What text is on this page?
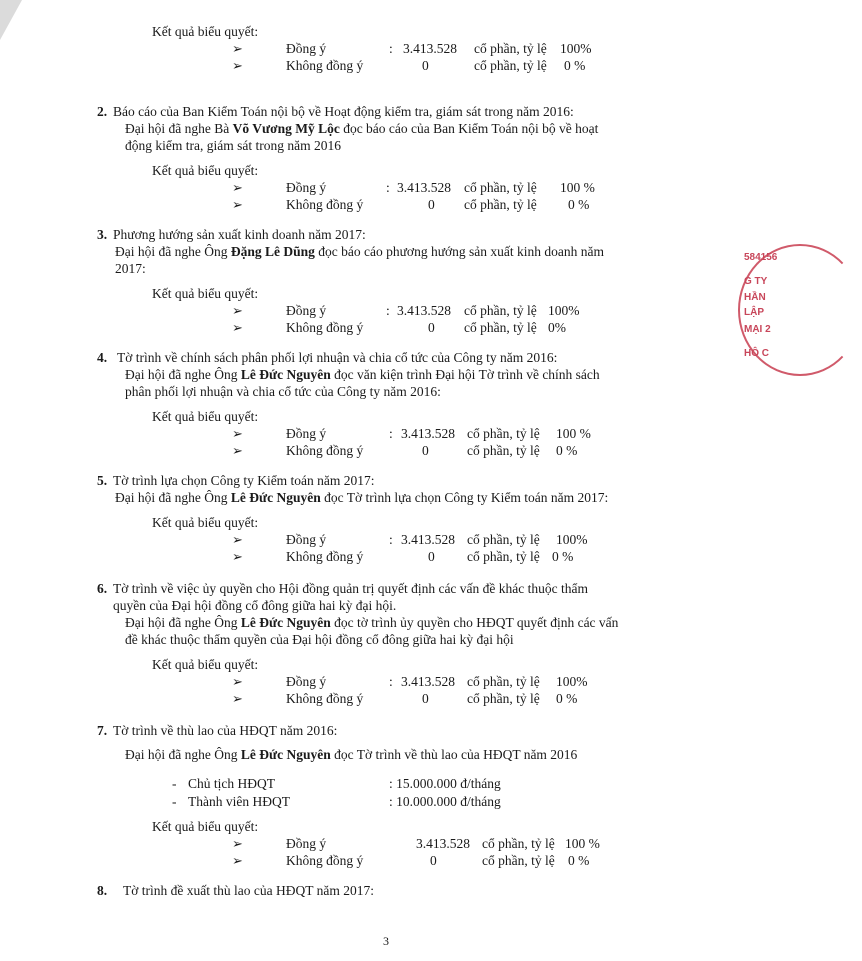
Kết quả biểu quyết:
➢	Đồng ý	: 3.413.528 cổ phần, tỷ lệ 100%
➢	Không đồng ý	0	cổ phần, tỷ lệ 0 %
2. Báo cáo của Ban Kiểm Toán nội bộ về Hoạt động kiểm tra, giám sát trong năm 2016:
Đại hội đã nghe Bà Võ Vương Mỹ Lộc đọc báo cáo của Ban Kiểm Toán nội bộ về hoạt
động kiểm tra, giám sát trong năm 2016
Kết quả biểu quyết:
➢	Đồng ý	: 3.413.528 cổ phần, tỷ lệ 100 %
➢	Không đồng ý	0 cổ phần, tỷ lệ 0 %
3. Phương hướng sản xuất kinh doanh năm 2017:
Đại hội đã nghe Ông Đặng Lê Dũng đọc báo cáo phương hướng sản xuất kinh doanh năm
2017:
Kết quả biểu quyết:
➢	Đồng ý	: 3.413.528 cổ phần, tỷ lệ 100%
➢	Không đồng ý	0 cổ phần, tỷ lệ 0%
4. Tờ trình về chính sách phân phối lợi nhuận và chia cổ tức của Công ty năm 2016:
Đại hội đã nghe Ông Lê Đức Nguyên đọc văn kiện trình Đại hội Tờ trình về chính sách
phân phối lợi nhuận và chia cổ tức của Công ty năm 2016:
Kết quả biểu quyết:
➢	Đồng ý	: 3.413.528 cổ phần, tỷ lệ 100 %
➢	Không đồng ý	0	cổ phần, tỷ lệ 0 %
5. Tờ trình lựa chọn Công ty Kiểm toán năm 2017:
Đại hội đã nghe Ông Lê Đức Nguyên đọc Tờ trình lựa chọn Công ty Kiểm toán năm 2017:
Kết quả biểu quyết:
➢	Đồng ý	: 3.413.528 cổ phần, tỷ lệ 100%
➢	Không đồng ý	0 cổ phần, tỷ lệ 0 %
6. Tờ trình về việc ủy quyền cho Hội đồng quản trị quyết định các vấn đề khác thuộc thẩm
quyền của Đại hội đồng cổ đông giữa hai kỳ đại hội.
Đại hội đã nghe Ông Lê Đức Nguyên đọc tờ trình ủy quyền cho HĐQT quyết định các vấn
đề khác thuộc thẩm quyền của Đại hội đồng cổ đông giữa hai kỳ đại hội
Kết quả biểu quyết:
➢	Đồng ý	: 3.413.528 cổ phần, tỷ lệ 100%
➢	Không đồng ý	0	cổ phần, tỷ lệ 0 %
7. Tờ trình về thù lao của HĐQT năm 2016:
Đại hội đã nghe Ông Lê Đức Nguyên đọc Tờ trình về thù lao của HĐQT năm 2016
- Chủ tịch HĐQT	: 15.000.000 đ/tháng
- Thành viên HĐQT	: 10.000.000 đ/tháng
Kết quả biểu quyết:
➢	Đồng ý	3.413.528 cổ phần, tỷ lệ 100 %
➢	Không đồng ý	0	cổ phần, tỷ lệ 0 %
8. Tờ trình đề xuất thù lao của HĐQT năm 2017:
584156
G TY
HẦN
LẬP
MẠI 2
HÔ C
3
